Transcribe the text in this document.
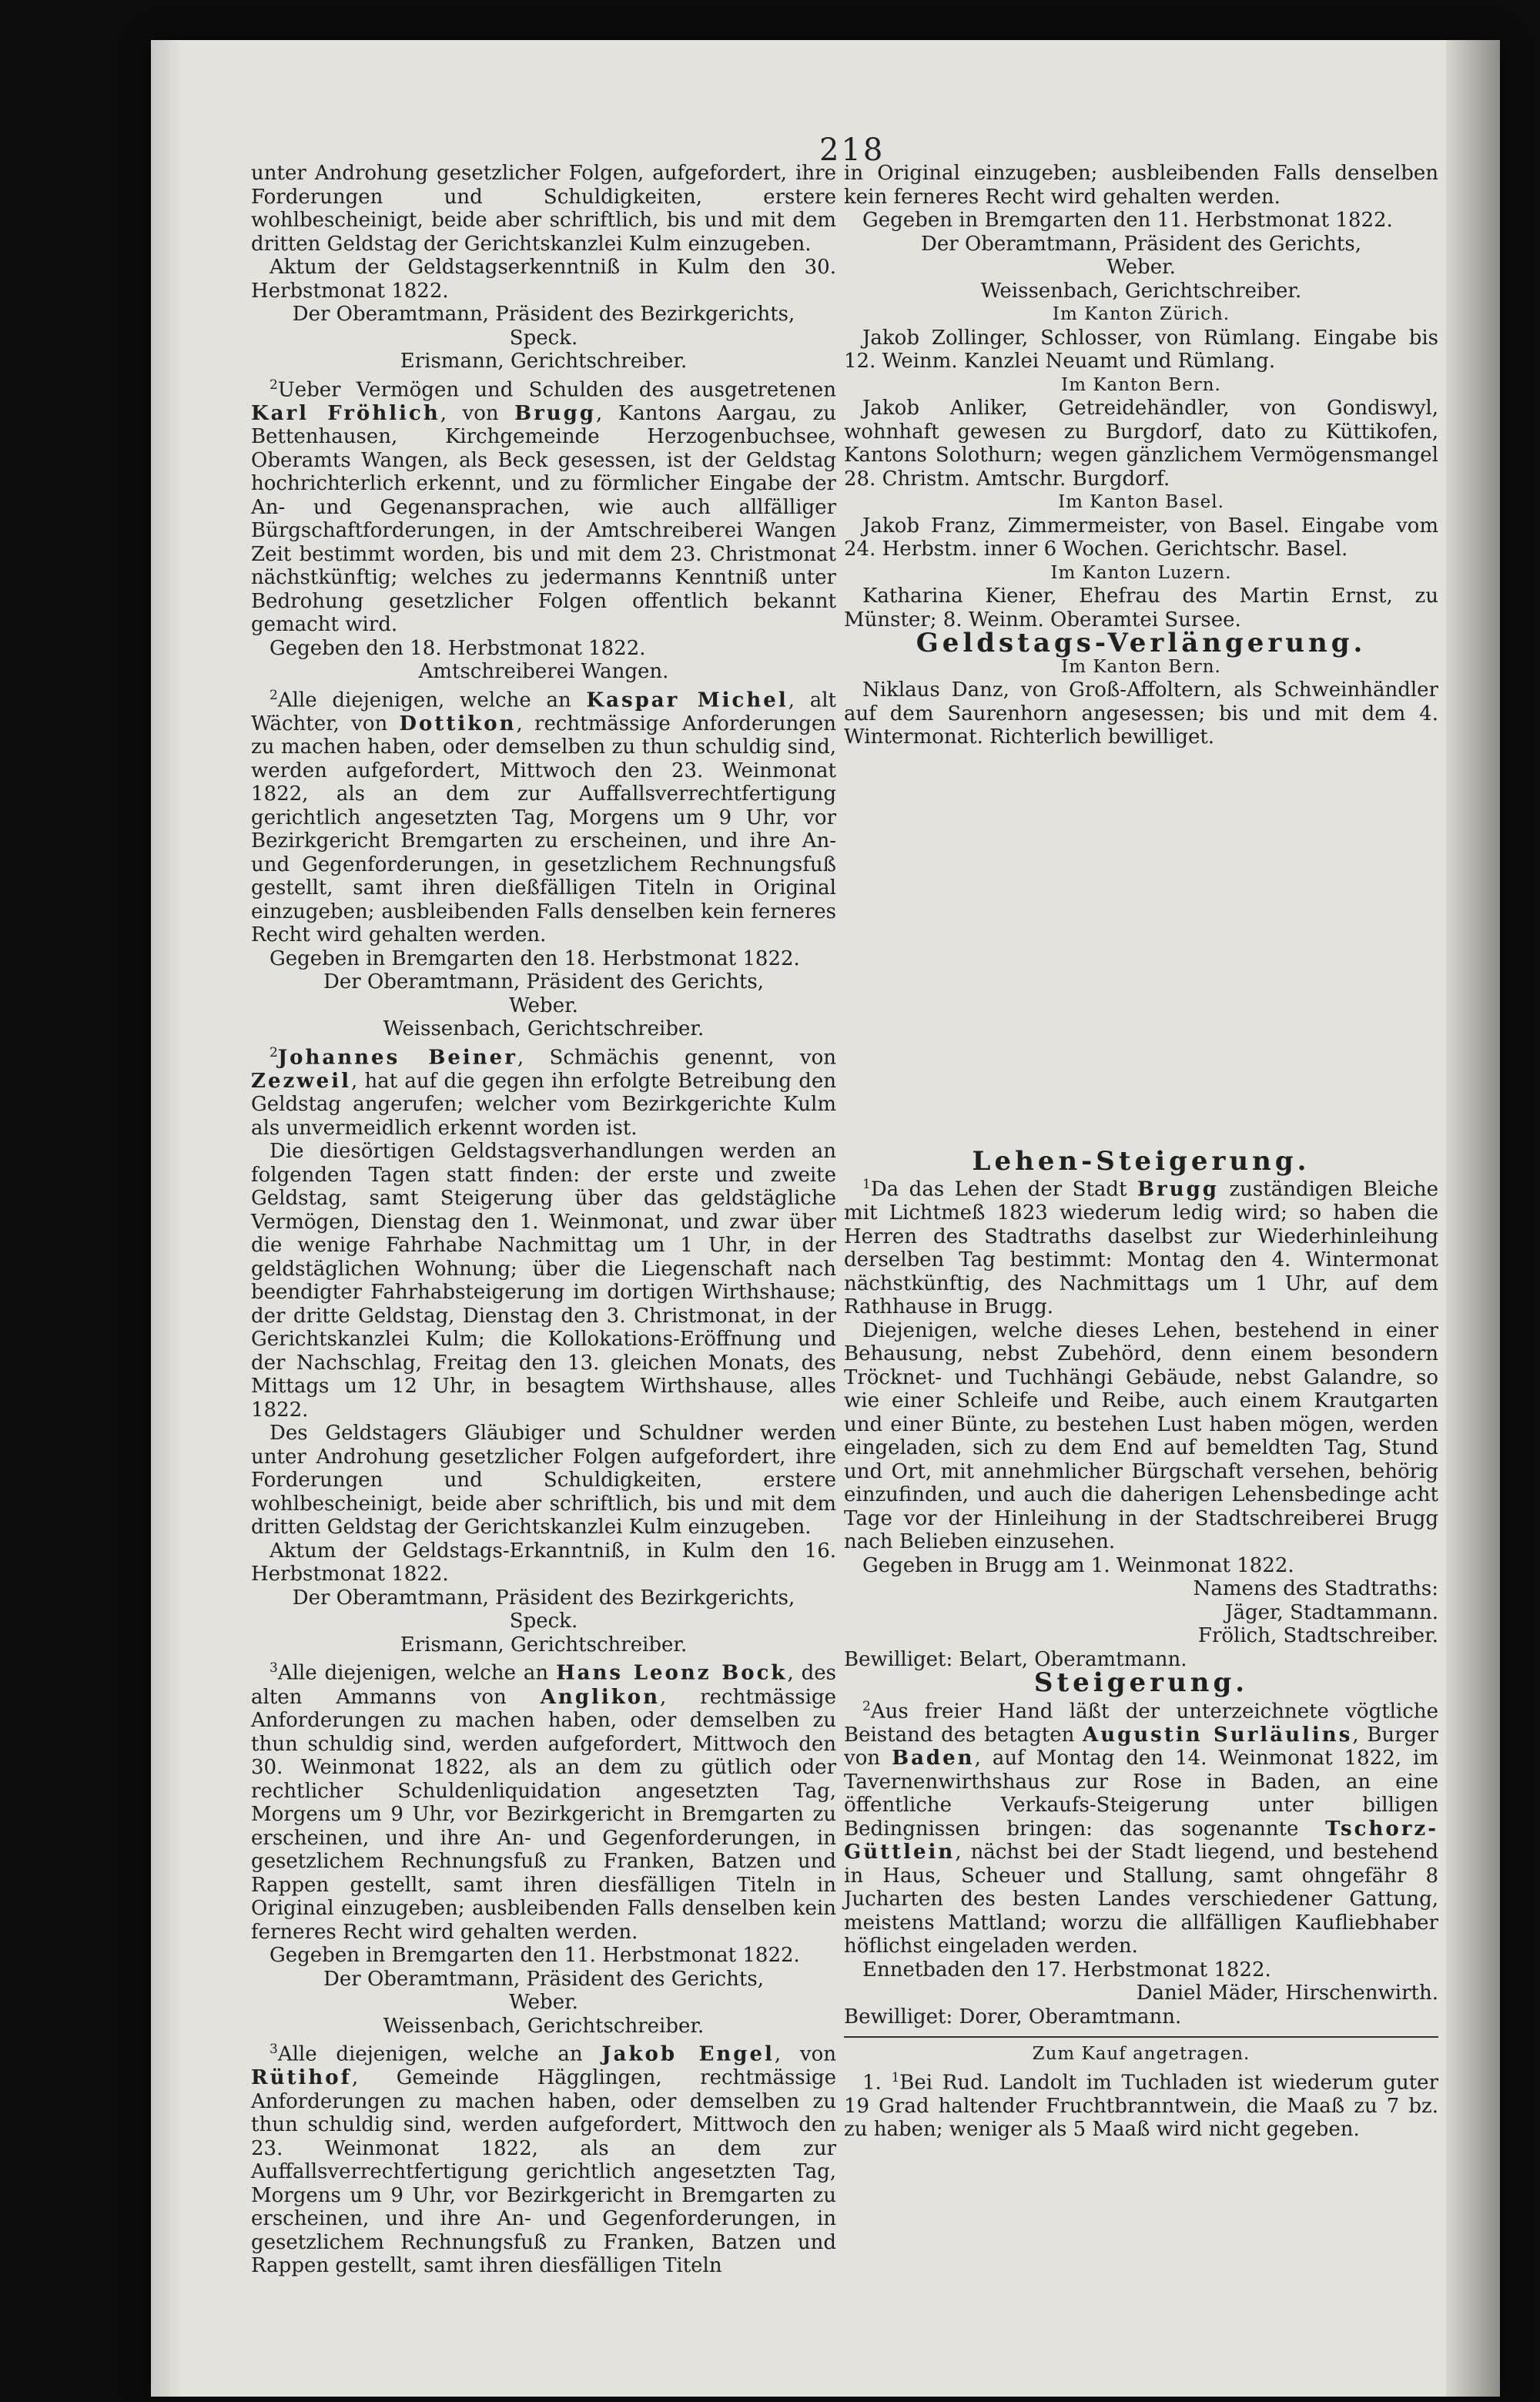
218

unter Androhung gesetzlicher Folgen, aufgefordert, ihre Forderungen und Schuldigkeiten, erstere wohlbescheinigt, beide aber schriftlich, bis und mit dem dritten Geldstag der Gerichtskanzlei Kulm einzugeben.

Aktum der Geldstagserkenntniß in Kulm den 30. Herbstmonat 1822.

Der Oberamtmann, Präsident des Bezirkgerichts,

Speck.

Erismann, Gerichtschreiber.

$^2$Ueber Vermögen und Schulden des ausgetretenen Karl Fröhlich, von Brugg, Kantons Aargau, zu Bettenhausen, Kirchgemeinde Herzogenbuchsee, Oberamts Wangen, als Beck gesessen, ist der Geldstag hochrichterlich erkennt, und zu förmlicher Eingabe der An- und Gegenansprachen, wie auch allfälliger Bürgschaftforderungen, in der Amtschreiberei Wangen Zeit bestimmt worden, bis und mit dem 23. Christmonat nächstkünftig; welches zu jedermanns Kenntniß unter Bedrohung gesetzlicher Folgen offentlich bekannt gemacht wird.

Gegeben den 18. Herbstmonat 1822.

Amtschreiberei Wangen.

$^2$Alle diejenigen, welche an Kaspar Michel, alt Wächter, von Dottikon, rechtmässige Anforderungen zu machen haben, oder demselben zu thun schuldig sind, werden aufgefordert, Mittwoch den 23. Weinmonat 1822, als an dem zur Auffallsverrechtfertigung gerichtlich angesetzten Tag, Morgens um 9 Uhr, vor Bezirkgericht Bremgarten zu erscheinen, und ihre An- und Gegenforderungen, in gesetzlichem Rechnungsfuß gestellt, samt ihren dießfälligen Titeln in Original einzugeben; ausbleibenden Falls denselben kein ferneres Recht wird gehalten werden.

Gegeben in Bremgarten den 18. Herbstmonat 1822.

Der Oberamtmann, Präsident des Gerichts,

Weber.

Weissenbach, Gerichtschreiber.

$^2$Johannes Beiner, Schmächis genennt, von Zezweil, hat auf die gegen ihn erfolgte Betreibung den Geldstag angerufen; welcher vom Bezirkgerichte Kulm als unvermeidlich erkennt worden ist.

Die diesörtigen Geldstagsverhandlungen werden an folgenden Tagen statt finden: der erste und zweite Geldstag, samt Steigerung über das geldstägliche Vermögen, Dienstag den 1. Weinmonat, und zwar über die wenige Fahrhabe Nachmittag um 1 Uhr, in der geldstäglichen Wohnung; über die Liegenschaft nach beendigter Fahrhabsteigerung im dortigen Wirthshause; der dritte Geldstag, Dienstag den 3. Christmonat, in der Gerichtskanzlei Kulm; die Kollokations-Eröffnung und der Nachschlag, Freitag den 13. gleichen Monats, des Mittags um 12 Uhr, in besagtem Wirthshause, alles 1822.

Des Geldstagers Gläubiger und Schuldner werden unter Androhung gesetzlicher Folgen aufgefordert, ihre Forderungen und Schuldigkeiten, erstere wohlbescheinigt, beide aber schriftlich, bis und mit dem dritten Geldstag der Gerichtskanzlei Kulm einzugeben.

Aktum der Geldstags-Erkanntniß, in Kulm den 16. Herbstmonat 1822.

Der Oberamtmann, Präsident des Bezirkgerichts,

Speck.

Erismann, Gerichtschreiber.

$^3$Alle diejenigen, welche an Hans Leonz Bock, des alten Ammanns von Anglikon, rechtmässige Anforderungen zu machen haben, oder demselben zu thun schuldig sind, werden aufgefordert, Mittwoch den 30. Weinmonat 1822, als an dem zu gütlich oder rechtlicher Schuldenliquidation angesetzten Tag, Morgens um 9 Uhr, vor Bezirkgericht in Bremgarten zu erscheinen, und ihre An- und Gegenforderungen, in gesetzlichem Rechnungsfuß zu Franken, Batzen und Rappen gestellt, samt ihren diesfälligen Titeln in Original einzugeben; ausbleibenden Falls denselben kein ferneres Recht wird gehalten werden.

Gegeben in Bremgarten den 11. Herbstmonat 1822.

Der Oberamtmann, Präsident des Gerichts,

Weber.

Weissenbach, Gerichtschreiber.

$^3$Alle diejenigen, welche an Jakob Engel, von Rütihof, Gemeinde Hägglingen, rechtmässige Anforderungen zu machen haben, oder demselben zu thun schuldig sind, werden aufgefordert, Mittwoch den 23. Weinmonat 1822, als an dem zur Auffallsverrechtfertigung gerichtlich angesetzten Tag, Morgens um 9 Uhr, vor Bezirkgericht in Bremgarten zu erscheinen, und ihre An- und Gegenforderungen, in gesetzlichem Rechnungsfuß zu Franken, Batzen und Rappen gestellt, samt ihren diesfälligen Titeln

in Original einzugeben; ausbleibenden Falls denselben kein ferneres Recht wird gehalten werden.

Gegeben in Bremgarten den 11. Herbstmonat 1822.

Der Oberamtmann, Präsident des Gerichts,

Weber.

Weissenbach, Gerichtschreiber.

Im Kanton Zürich.

Jakob Zollinger, Schlosser, von Rümlang. Eingabe bis 12. Weinm. Kanzlei Neuamt und Rümlang.

Im Kanton Bern.

Jakob Anliker, Getreidehändler, von Gondiswyl, wohnhaft gewesen zu Burgdorf, dato zu Küttikofen, Kantons Solothurn; wegen gänzlichem Vermögensmangel 28. Christm. Amtschr. Burgdorf.

Im Kanton Basel.

Jakob Franz, Zimmermeister, von Basel. Eingabe vom 24. Herbstm. inner 6 Wochen. Gerichtschr. Basel.

Im Kanton Luzern.

Katharina Kiener, Ehefrau des Martin Ernst, zu Münster; 8. Weinm. Oberamtei Sursee.

Geldstags-Verlängerung.

Im Kanton Bern.

Niklaus Danz, von Groß-Affoltern, als Schweinhändler auf dem Saurenhorn angesessen; bis und mit dem 4. Wintermonat. Richterlich bewilliget.

Lehen-Steigerung.

$^1$Da das Lehen der Stadt Brugg zuständigen Bleiche mit Lichtmeß 1823 wiederum ledig wird; so haben die Herren des Stadtraths daselbst zur Wiederhinleihung derselben Tag bestimmt: Montag den 4. Wintermonat nächstkünftig, des Nachmittags um 1 Uhr, auf dem Rathhause in Brugg.

Diejenigen, welche dieses Lehen, bestehend in einer Behausung, nebst Zubehörd, denn einem besondern Tröcknet- und Tuchhängi Gebäude, nebst Galandre, so wie einer Schleife und Reibe, auch einem Krautgarten und einer Bünte, zu bestehen Lust haben mögen, werden eingeladen, sich zu dem End auf bemeldten Tag, Stund und Ort, mit annehmlicher Bürgschaft versehen, behörig einzufinden, und auch die daherigen Lehensbedinge acht Tage vor der Hinleihung in der Stadtschreiberei Brugg nach Belieben einzusehen.

Gegeben in Brugg am 1. Weinmonat 1822.

Namens des Stadtraths:

Jäger, Stadtammann.

Frölich, Stadtschreiber.

Bewilliget: Belart, Oberamtmann.

Steigerung.

$^2$Aus freier Hand läßt der unterzeichnete vögtliche Beistand des betagten Augustin Surläulins, Burger von Baden, auf Montag den 14. Weinmonat 1822, im Tavernenwirthshaus zur Rose in Baden, an eine öffentliche Verkaufs-Steigerung unter billigen Bedingnissen bringen: das sogenannte Tschorz-Güttlein, nächst bei der Stadt liegend, und bestehend in Haus, Scheuer und Stallung, samt ohngefähr 8 Jucharten des besten Landes verschiedener Gattung, meistens Mattland; worzu die allfälligen Kaufliebhaber höflichst eingeladen werden.

Ennetbaden den 17. Herbstmonat 1822.

Daniel Mäder, Hirschenwirth.

Bewilliget: Dorer, Oberamtmann.

Zum Kauf angetragen.

1. $^1$Bei Rud. Landolt im Tuchladen ist wiederum guter 19 Grad haltender Fruchtbranntwein, die Maaß zu 7 bz. zu haben; weniger als 5 Maaß wird nicht gegeben.
